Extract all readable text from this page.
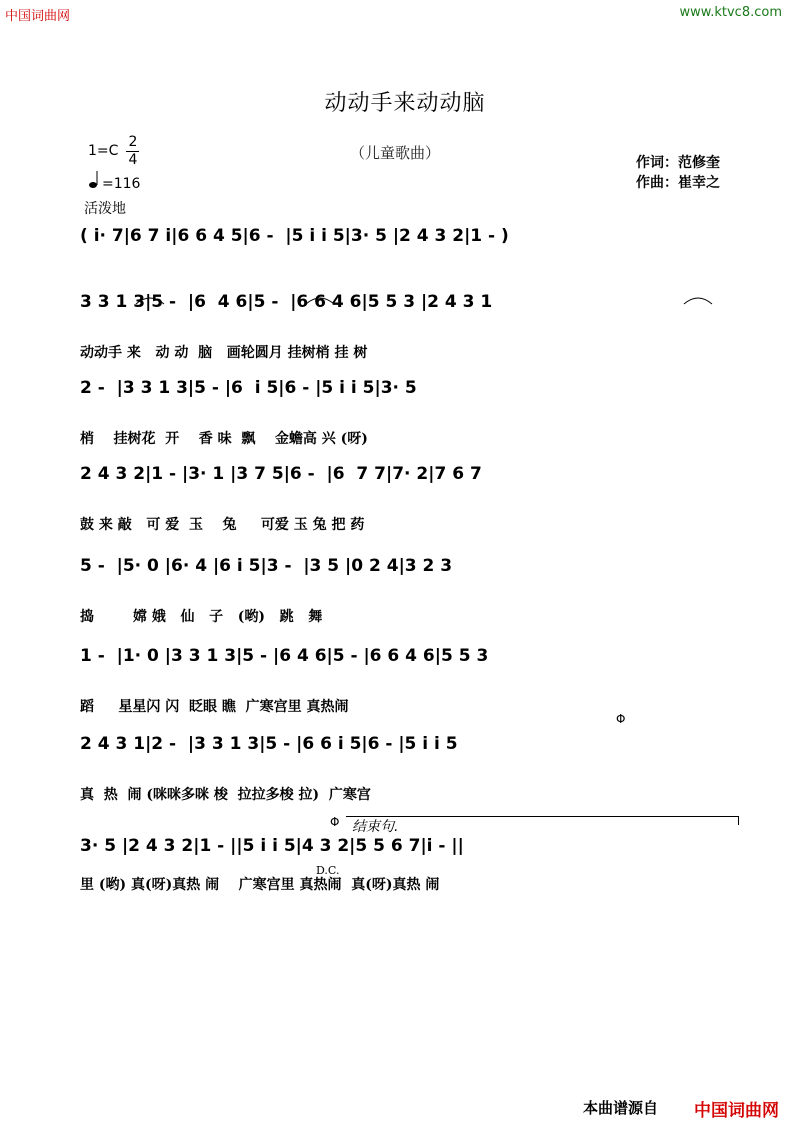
中国词曲网	www.ktvc8.com
动动手来动动脑
（儿童歌曲）
1=C
2
4
=116
活泼地
作词：范修奎
作曲：崔幸之
( i· 7|6 7 i|6 6 4 5|6 -  |5 i i 5|3· 5 |2 4 3 2|1 - )
3 3 1 3|5 -  |6  4 6|5 -  |6 6 4 6|5 5 3 |2 4 3 1
动动手 来   动 动  脑   画轮圆月 挂树梢 挂 树
2 -  |3 3 1 3|5 - |6  i 5|6 - |5 i i 5|3· 5
梢    挂树花  开    香 味  飘    金蟾高 兴 (呀)
2 4 3 2|1 - |3· 1 |3 7 5|6 -  |6  7 7|7· 2|7 6 7
鼓 来 敲   可 爱  玉    兔     可爱 玉 兔 把 药
5 -  |5· 0 |6· 4 |6 i 5|3 -  |3 5 |0 2 4|3 2 3
捣        嫦 娥   仙   子   (哟)   跳   舞
1 -  |1· 0 |3 3 1 3|5 - |6 4 6|5 - |6 6 4 6|5 5 3
蹈     星星闪 闪  眨眼 瞧  广寒宫里 真热闹
2 4 3 1|2 -  |3 3 1 3|5 - |6 6 i 5|6 - |5 i i 5
真  热  闹 (咪咪多咪 梭  拉拉多梭 拉)  广寒宫
3· 5 |2 4 3 2|1 - ||5 i i 5|4 3 2|5 5 6 7|i - ||
里 (哟) 真(呀)真热 闹    广寒宫里 真热闹  真(呀)真热 闹
Φ
Φ
结束句.
D.C.
本曲谱源自 中国词曲网
